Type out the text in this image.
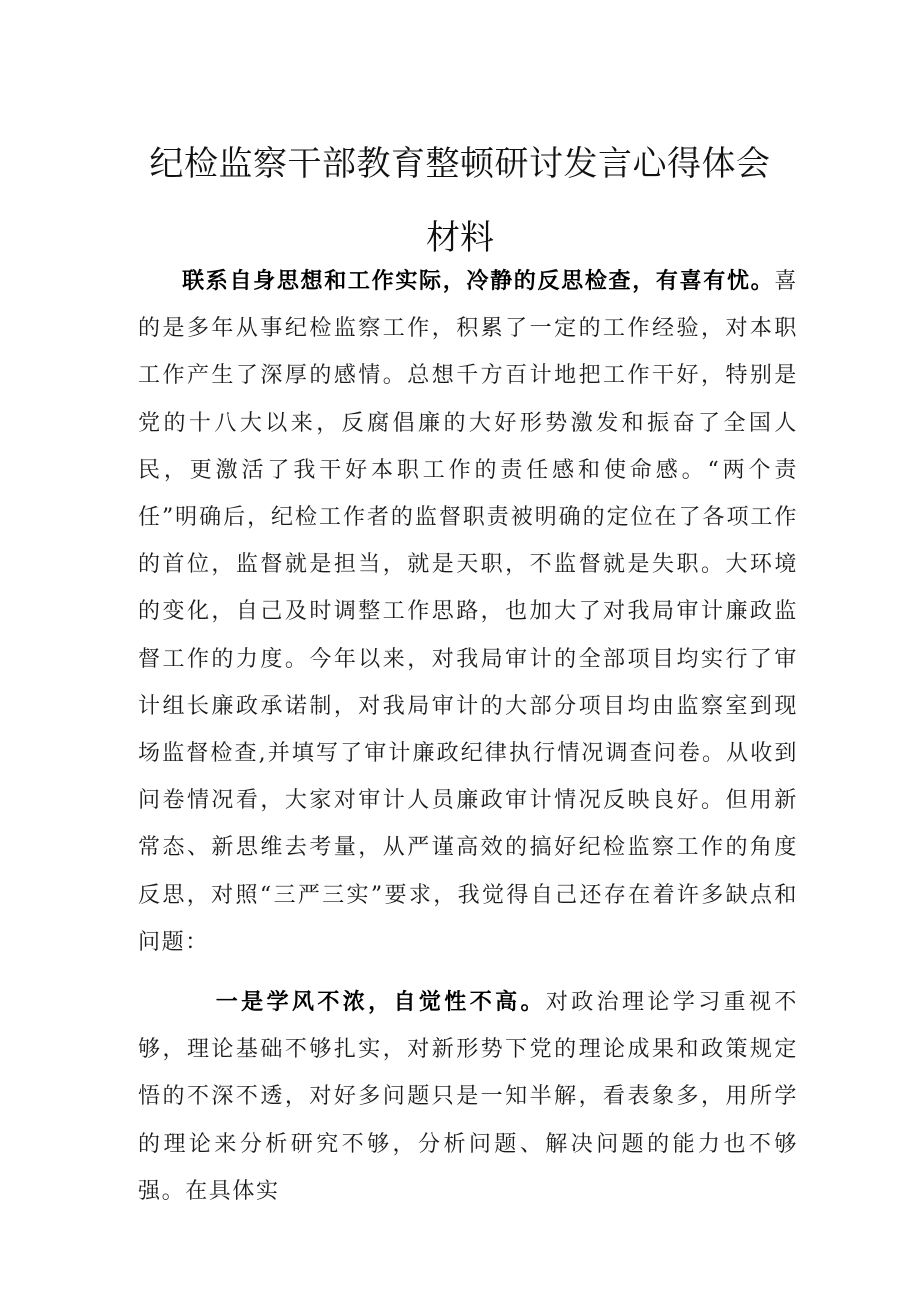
纪检监察干部教育整顿研讨发言心得体会
材料

联系自身思想和工作实际，冷静的反思检查，有喜有忧。喜的是多年从事纪检监察工作，积累了一定的工作经验，对本职工作产生了深厚的感情。总想千方百计地把工作干好，特别是党的十八大以来，反腐倡廉的大好形势激发和振奋了全国人民，更激活了我干好本职工作的责任感和使命感。“两个责任”明确后，纪检工作者的监督职责被明确的定位在了各项工作的首位，监督就是担当，就是天职，不监督就是失职。大环境的变化，自己及时调整工作思路，也加大了对我局审计廉政监督工作的力度。今年以来，对我局审计的全部项目均实行了审计组长廉政承诺制，对我局审计的大部分项目均由监察室到现场监督检查,并填写了审计廉政纪律执行情况调查问卷。从收到问卷情况看，大家对审计人员廉政审计情况反映良好。但用新常态、新思维去考量，从严谨高效的搞好纪检监察工作的角度反思，对照“三严三实”要求，我觉得自己还存在着许多缺点和问题：

一是学风不浓，自觉性不高。对政治理论学习重视不够，理论基础不够扎实，对新形势下党的理论成果和政策规定悟的不深不透，对好多问题只是一知半解，看表象多，用所学的理论来分析研究不够，分析问题、解决问题的能力也不够强。在具体实
